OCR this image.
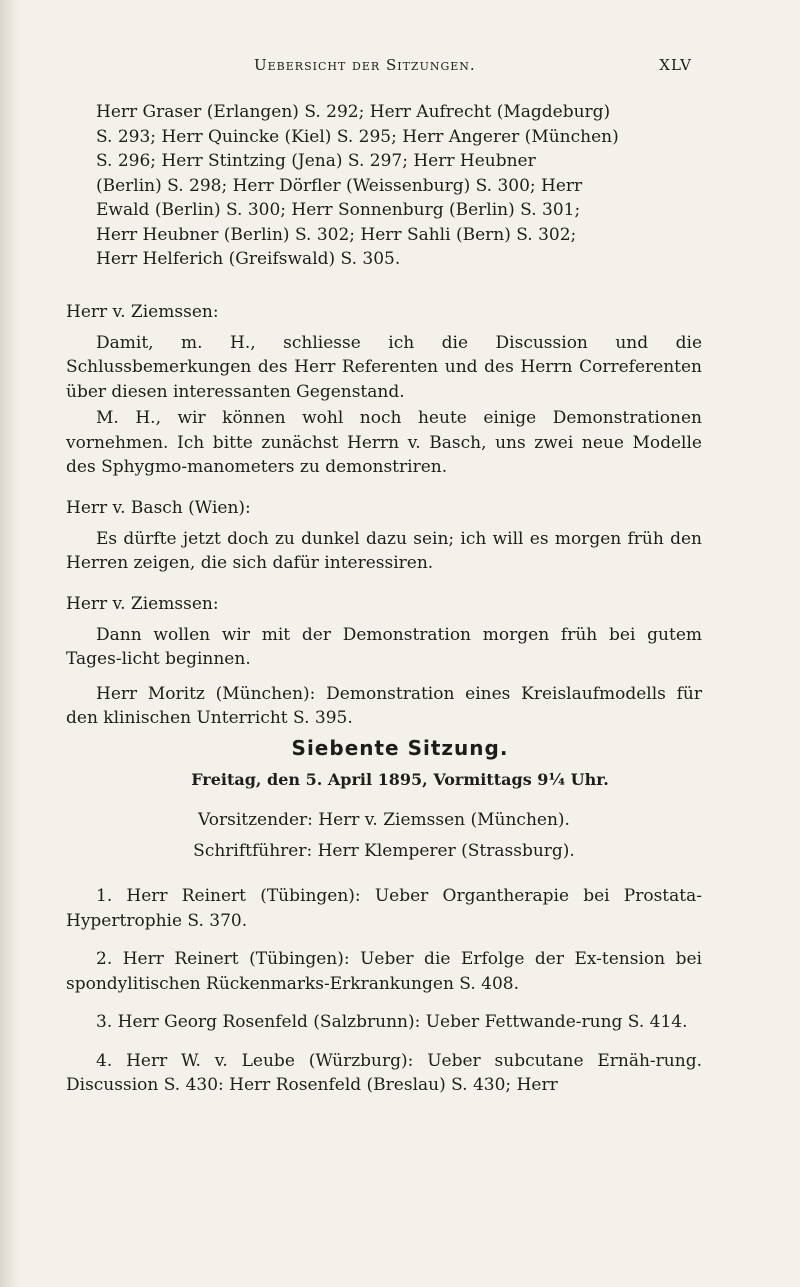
Uebersicht der Sitzungen.	XLV
Herr Graser (Erlangen) S. 292; Herr Aufrecht (Magdeburg)
S. 293; Herr Quincke (Kiel) S. 295; Herr Angerer (München)
S. 296; Herr Stintzing (Jena) S. 297; Herr Heubner
(Berlin) S. 298; Herr Dörfler (Weissenburg) S. 300; Herr
Ewald (Berlin) S. 300; Herr Sonnenburg (Berlin) S. 301;
Herr Heubner (Berlin) S. 302; Herr Sahli (Bern) S. 302;
Herr Helferich (Greifswald) S. 305.
Herr v. Ziemssen:
Damit, m. H., schliesse ich die Discussion und die Schlussbemerkungen des Herr Referenten und des Herrn Correferenten über diesen interessanten Gegenstand.
M. H., wir können wohl noch heute einige Demonstrationen vornehmen. Ich bitte zunächst Herrn v. Basch, uns zwei neue Modelle des Sphygmo-manometers zu demonstriren.
Herr v. Basch (Wien):
Es dürfte jetzt doch zu dunkel dazu sein; ich will es morgen früh den Herren zeigen, die sich dafür interessiren.
Herr v. Ziemssen:
Dann wollen wir mit der Demonstration morgen früh bei gutem Tages-licht beginnen.
Herr Moritz (München): Demonstration eines Kreislaufmodells für den klinischen Unterricht S. 395.
Siebente Sitzung.
Freitag, den 5. April 1895, Vormittags 9¼ Uhr.
Vorsitzender: Herr v. Ziemssen (München).
Schriftführer: Herr Klemperer (Strassburg).
1. Herr Reinert (Tübingen): Ueber Organtherapie bei Prostata-Hypertrophie S. 370.
2. Herr Reinert (Tübingen): Ueber die Erfolge der Ex-tension bei spondylitischen Rückenmarks-Erkrankungen S. 408.
3. Herr Georg Rosenfeld (Salzbrunn): Ueber Fettwande-rung S. 414.
4. Herr W. v. Leube (Würzburg): Ueber subcutane Ernäh-rung. Discussion S. 430: Herr Rosenfeld (Breslau) S. 430; Herr
